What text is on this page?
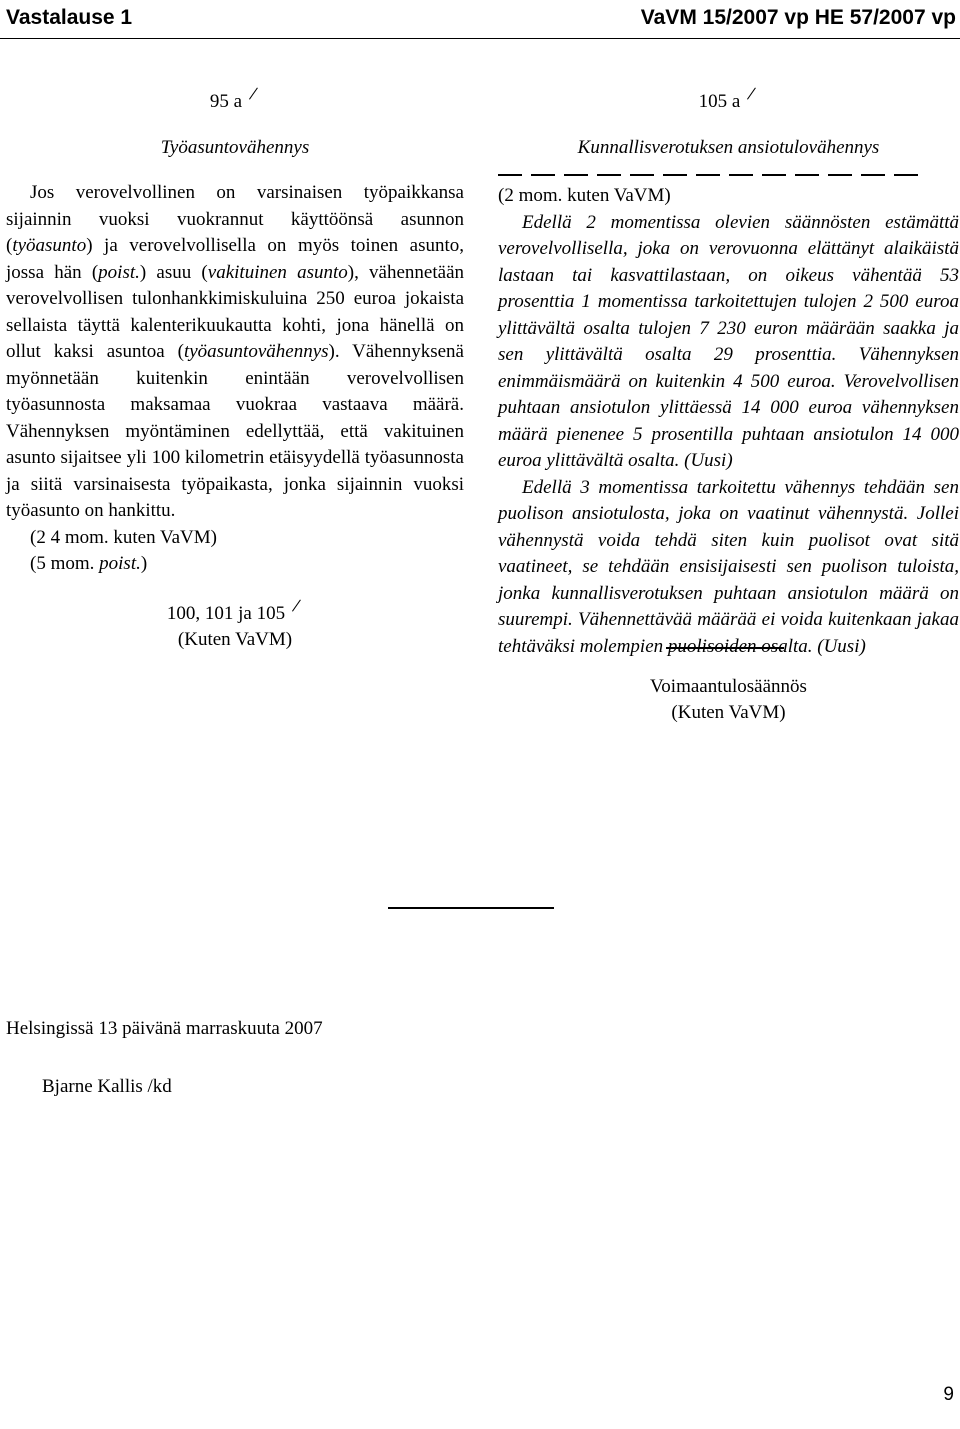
Vastalause 1	VaVM 15/2007 vp HE 57/2007 vp
95 a
Työasuntovähennys

Jos verovelvollinen on varsinaisen työpaikkansa sijainnin vuoksi vuokrannut käyttöönsä asunnon (työasunto) ja verovelvollisella on myös toinen asunto, jossa hän (poist.) asuu (vakituinen asunto), vähennetään verovelvollisen tulonhankkimiskuluina 250 euroa jokaista sellaista täyttä kalenterikuukautta kohti, jona hänellä on ollut kaksi asuntoa (työasuntovähennys). Vähennyksenä myönnetään kuitenkin enintään verovelvollisen työasunnosta maksamaa vuokraa vastaava määrä. Vähennyksen myöntäminen edellyttää, että vakituinen asunto sijaitsee yli 100 kilometrin etäisyydellä työasunnosta ja siitä varsinaisesta työpaikasta, jonka sijainnin vuoksi työasunto on hankittu.

(2 4 mom. kuten VaVM)
(5 mom. poist.)
100, 101 ja 105
(Kuten VaVM)
105 a
Kunnallisverotuksen ansiotulovähennys
(2 mom. kuten VaVM)

Edellä 2 momentissa olevien säännösten estämättä verovelvollisella, joka on verovuonna elättänyt alaikäistä lastaan tai kasvattilastaan, on oikeus vähentää 53 prosenttia 1 momentissa tarkoitettujen tulojen 2 500 euroa ylittävältä osalta tulojen 7 230 euron määrään saakka ja sen ylittävältä osalta 29 prosenttia. Vähennyksen enimmäismäärä on kuitenkin 4 500 euroa. Verovelvollisen puhtaan ansiotulon ylittäessä 14 000 euroa vähennyksen määrä pienenee 5 prosentilla puhtaan ansiotulon 14 000 euroa ylittävältä osalta. (Uusi)

Edellä 3 momentissa tarkoitettu vähennys tehdään sen puolison ansiotulosta, joka on vaatinut vähennystä. Jollei vähennystä voida tehdä siten kuin puolisot ovat sitä vaatineet, se tehdään ensisijaisesti sen puolison tuloista, jonka kunnallisverotuksen puhtaan ansiotulon määrä on suurempi. Vähennettävää määrää ei voida kuitenkaan jakaa tehtäväksi molempien puolisoiden osalta. (Uusi)

Voimaantulosäännös
(Kuten VaVM)
Helsingissä 13 päivänä marraskuuta 2007
Bjarne Kallis /kd
9
